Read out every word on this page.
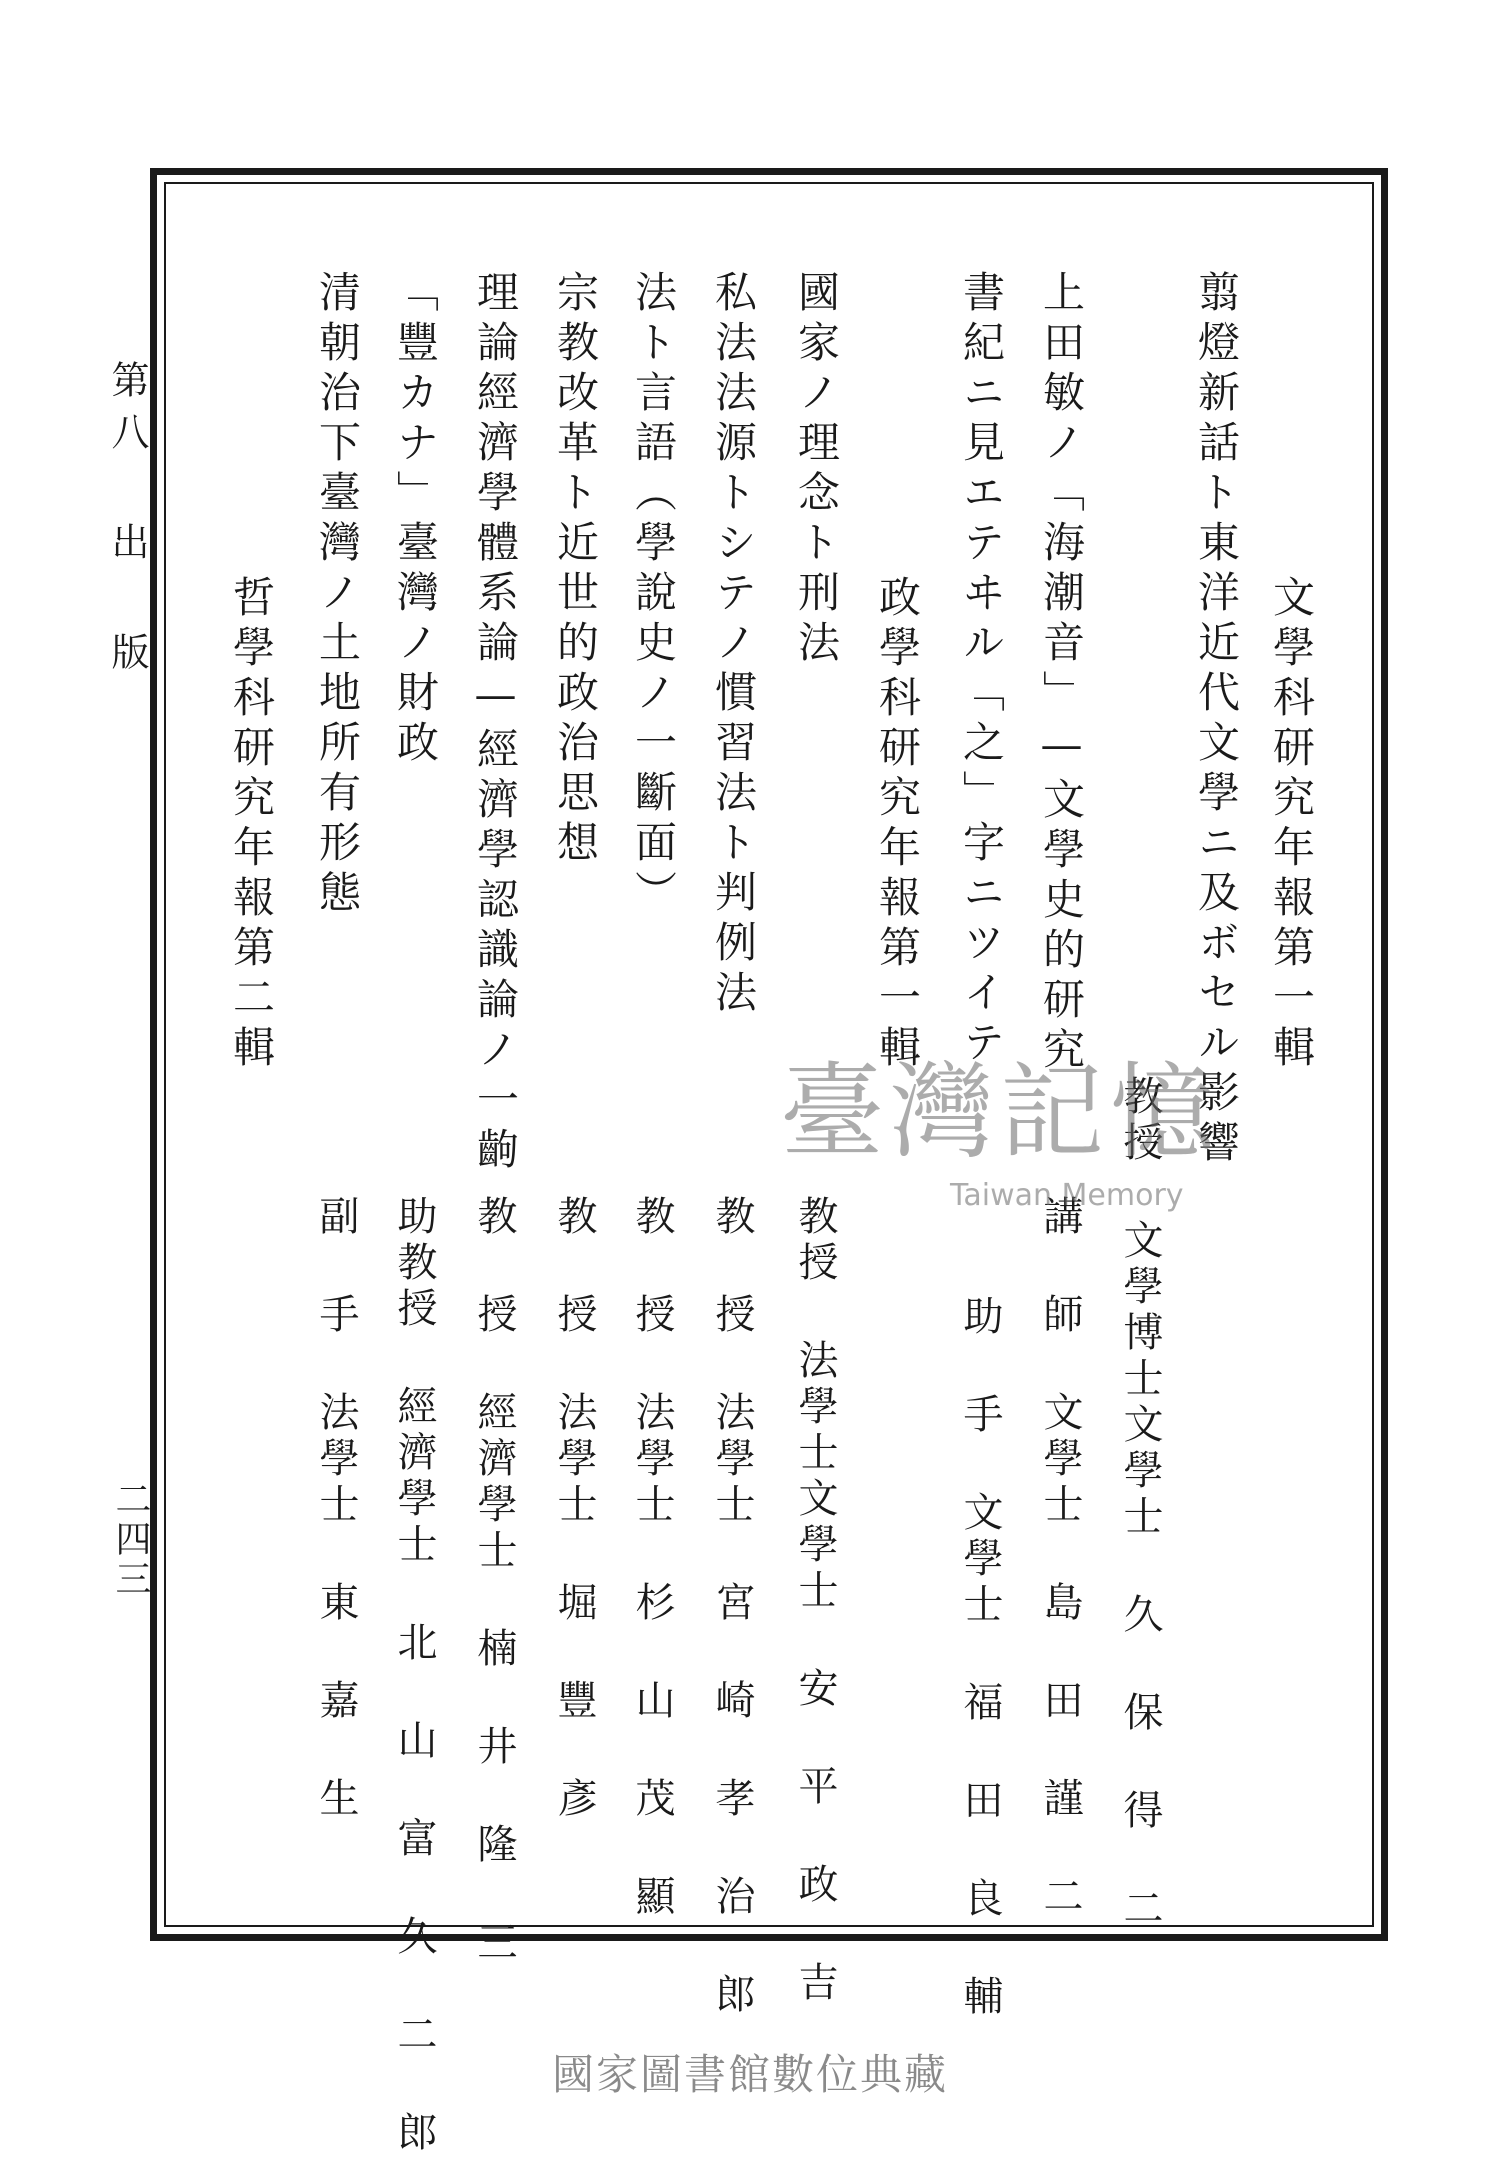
第八 出 版
二四三
文學科研究年報第一輯
翦燈新話ト東洋近代文學ニ及ボセル影響
上田敏ノ「海潮音」—文學史的研究
書紀ニ見エテヰル「之」字ニツイテ
教授 文學博士文學士 久 保 得 二
講 師 文學士 島 田 謹 二
助 手 文學士 福 田 良 輔
政學科研究年報第一輯
國家ノ理念ト刑法
私法法源トシテノ慣習法ト判例法
法ト言語（學說史ノ一斷面）
宗教改革ト近世的政治思想
理論經濟學體系論—經濟學認識論ノ一齣
「豐カナ」臺灣ノ財政
清朝治下臺灣ノ土地所有形態
教授 法學士文學士 安 平 政 吉
教 授 法學士 宮 崎 孝 治 郎
教 授 法學士 杉 山 茂 顯
教 授 法學士 堀 豐 彥
教 授 經濟學士 楠 井 隆 三
助教授 經濟學士 北 山 富 久 二 郎
副 手 法學士 東 嘉 生
哲學科研究年報第二輯
臺灣記憶
Taiwan Memory
國家圖書館數位典藏
